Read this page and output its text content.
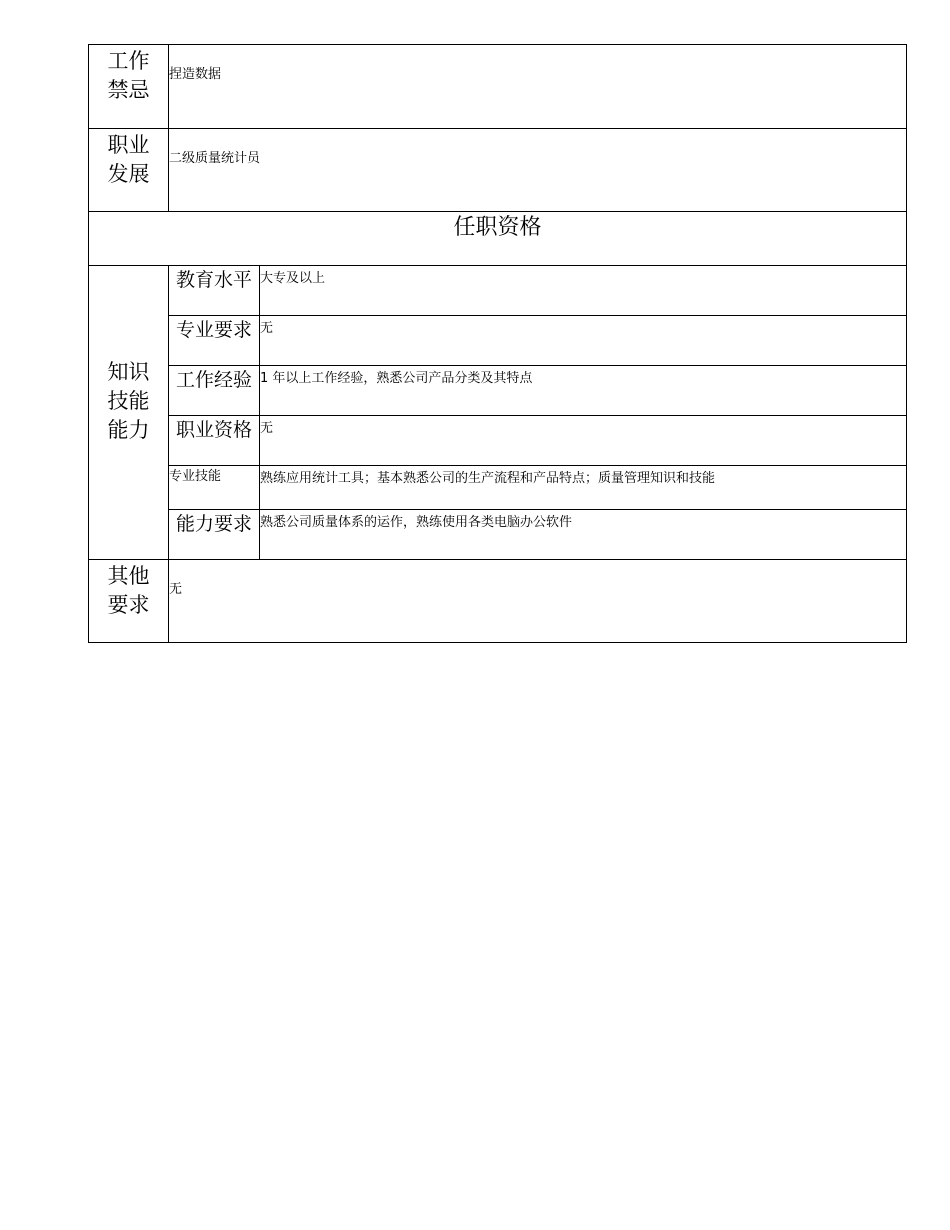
工作
禁忌	捏造数据	

职业
发展	二级质量统计员	

任职资格		

知识
技能
能力	教育水平	大专及以上

	专业要求	无

	工作经验	1 年以上工作经验，熟悉公司产品分类及其特点

	职业资格	无

	专业技能	熟练应用统计工具；基本熟悉公司的生产流程和产品特点；质量管理知识和技能

	能力要求	熟悉公司质量体系的运作，熟练使用各类电脑办公软件

其他
要求	无	
